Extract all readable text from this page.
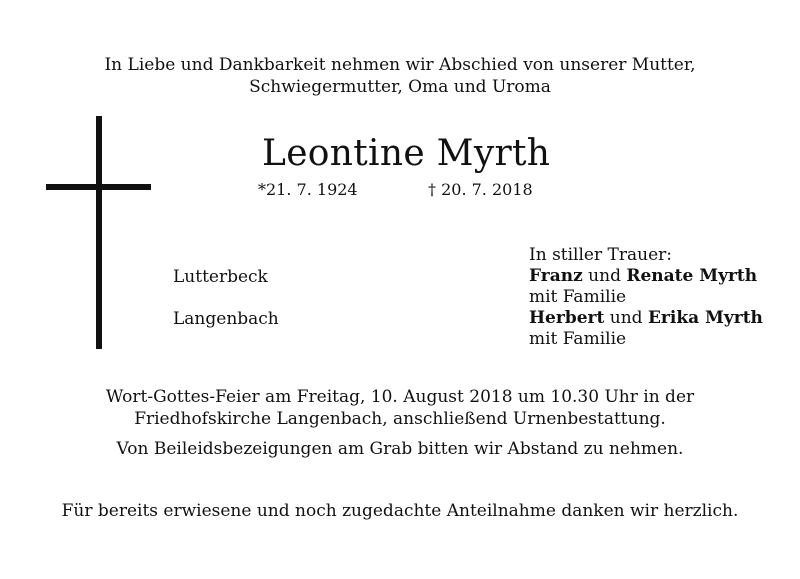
In Liebe und Dankbarkeit nehmen wir Abschied von unserer Mutter,
Schwiegermutter, Oma und Uroma
Leontine Myrth
*21. 7. 1924	† 20. 7. 2018
Lutterbeck
Langenbach
In stiller Trauer:
Franz und Renate Myrth
mit Familie
Herbert und Erika Myrth
mit Familie
Wort-Gottes-Feier am Freitag, 10. August 2018 um 10.30 Uhr in der
Friedhofskirche Langenbach, anschließend Urnenbestattung.
Von Beileidsbezeigungen am Grab bitten wir Abstand zu nehmen.
Für bereits erwiesene und noch zugedachte Anteilnahme danken wir herzlich.
